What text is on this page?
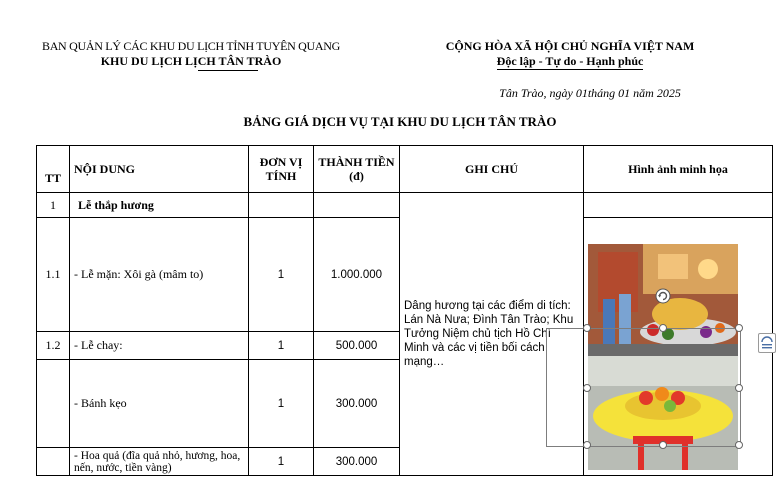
BAN QUẢN LÝ CÁC KHU DU LỊCH TỈNH TUYÊN QUANG
KHU DU LỊCH LỊCH TÂN TRÀO
CỘNG HÒA XÃ HỘI CHỦ NGHĨA VIỆT NAM
Độc lập - Tự do - Hạnh phúc
Tân Trào, ngày 01tháng 01 năm 2025
BẢNG GIÁ DỊCH VỤ TẠI KHU DU LỊCH TÂN TRÀO
TT	NỘI DUNG	ĐƠN VỊ TÍNH	THÀNH TIỀN (đ)	GHI CHÚ	Hình ảnh minh họa
1	Lễ thắp hương			Dâng hương tại các điểm di tích: Lán Nà Nưa; Đình Tân Trào; Khu Tưởng Niệm chủ tịch Hồ Chí Minh và các vị tiền bối cách mạng…	
1.1	- Lễ mặn: Xôi gà (mâm to)	1	1.000.000	

1.2	- Lễ chay:	1	500.000		
	- Bánh kẹo	1	300.000		
	- Hoa quả (đĩa quả nhỏ, hương, hoa, nến, nước, tiền vàng)	1	300.000		
